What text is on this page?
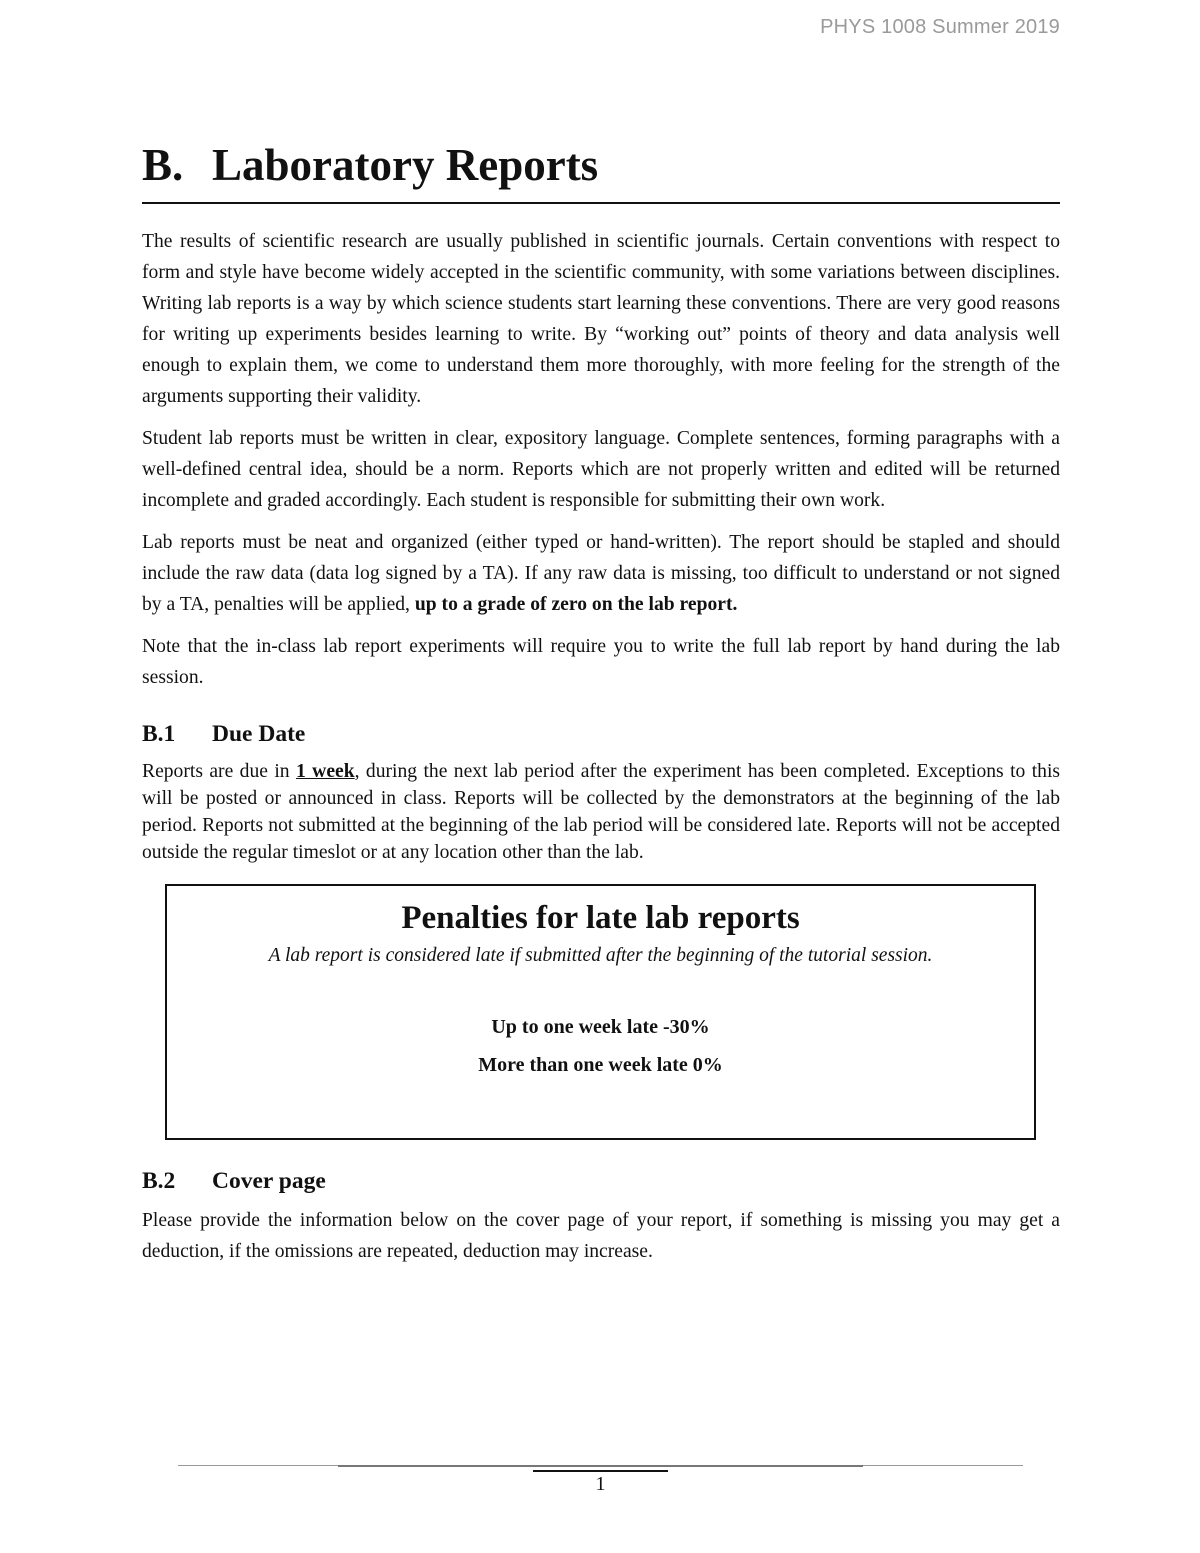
PHYS 1008 Summer 2019
B. Laboratory Reports

The results of scientific research are usually published in scientific journals. Certain conventions with respect to form and style have become widely accepted in the scientific community, with some variations between disciplines. Writing lab reports is a way by which science students start learning these conventions. There are very good reasons for writing up experiments besides learning to write. By “working out” points of theory and data analysis well enough to explain them, we come to understand them more thoroughly, with more feeling for the strength of the arguments supporting their validity.

Student lab reports must be written in clear, expository language. Complete sentences, forming paragraphs with a well-defined central idea, should be a norm. Reports which are not properly written and edited will be returned incomplete and graded accordingly. Each student is responsible for submitting their own work.

Lab reports must be neat and organized (either typed or hand-written). The report should be stapled and should include the raw data (data log signed by a TA). If any raw data is missing, too difficult to understand or not signed by a TA, penalties will be applied, up to a grade of zero on the lab report.

Note that the in-class lab report experiments will require you to write the full lab report by hand during the lab session.

B.1 Due Date

Reports are due in 1 week, during the next lab period after the experiment has been completed. Exceptions to this will be posted or announced in class. Reports will be collected by the demonstrators at the beginning of the lab period. Reports not submitted at the beginning of the lab period will be considered late. Reports will not be accepted outside the regular timeslot or at any location other than the lab.

Penalties for late lab reports
A lab report is considered late if submitted after the beginning of the tutorial session.
Up to one week late -30%
More than one week late 0%
B.2 Cover page

Please provide the information below on the cover page of your report, if something is missing you may get a deduction, if the omissions are repeated, deduction may increase.

1
